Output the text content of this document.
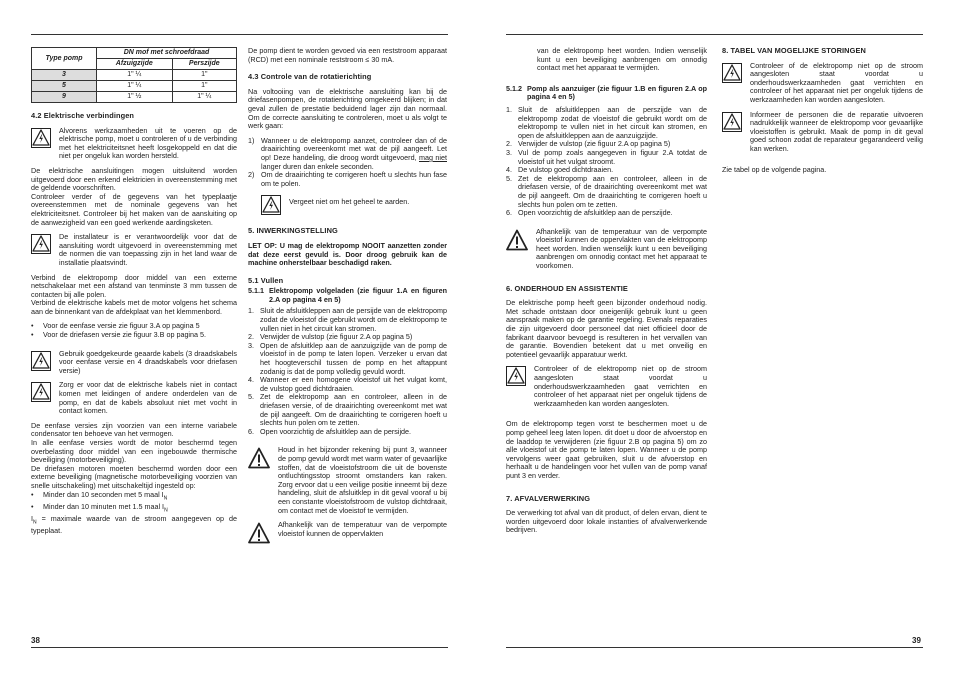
Type pomp	DN mof met schroefdraad	
	Afzuigzijde	Perszijde
3	1" ¼	1"
5	1" ¼	1"
9	1" ½	1" ¼
4.2 Elektrische verbindingen
Alvorens werkzaamheden uit te voeren op de elektrische pomp, moet u controleren of u de verbinding met het elektriciteitsnet heeft losgekoppeld en dat die niet per ongeluk kan worden hersteld.

De elektrische aansluitingen mogen uitsluitend worden uitgevoerd door een erkend elektricien in overeenstemming met de geldende voorschriften.

Controleer verder of de gegevens van het typeplaatje overeenstemmen met de nominale gegevens van het elektriciteitsnet. Controleer bij het maken van de aansluiting op de aanwezigheid van een goed werkende aardingsketen.

De installateur is er verantwoordelijk voor dat de aansluiting wordt uitgevoerd in overeenstemming met de normen die van toepassing zijn in het land waar de installatie plaatsvindt.

Verbind de elektropomp door middel van een externe netschakelaar met een afstand van tenminste 3 mm tussen de contacten bij alle polen.

Verbind de elektrische kabels met de motor volgens het schema aan de binnenkant van de afdekplaat van het klemmenbord.

•	Voor de eenfase versie zie figuur 3.A op pagina 5
•	Voor de driefasen versie zie figuur 3.B op pagina 5.
Gebruik goedgekeurde geaarde kabels (3 draadskabels voor eenfase versie en 4 draadskabels voor driefasen versie)
Zorg er voor dat de elektrische kabels niet in contact komen met leidingen of andere onderdelen van de pomp, en dat de kabels absoluut niet met vocht in contact komen.

De eenfase versies zijn voorzien van een interne variabele condensator ten behoeve van het vermogen.

In alle eenfase versies wordt de motor beschermd tegen overbelasting door middel van een ingebouwde thermische beveiliging (motorbeveiliging).

De driefasen motoren moeten beschermd worden door een externe beveiliging (magnetische motorbeveiliging voorzien van snelle uitschakeling) met uitschakeltijd ingesteld op:

•	Minder dan 10 seconden met 5 maal $I_N$
•	Minder dan 10 minuten met 1.5 maal $I_N$

$I_N$ = maximale waarde van de stroom aangegeven op de typeplaat.

De pomp dient te worden gevoed via een reststroom apparaat (RCD) met een nominale reststroom ≤ 30 mA.

4.3 Controle van de rotatierichting

Na voltooiing van de elektrische aansluiting kan bij de driefasenpompen, de rotatierichting omgekeerd blijken; in dat geval zullen de prestatie beduidend lager zijn dan normaal. Om de correcte aansluiting te controleren, moet u als volgt te werk gaan:

1) Wanneer u de elektropomp aanzet, controleer dan of de draairichting overeenkomt met wat de pijl aangeeft. Let op! Deze handeling, die droog wordt uitgevoerd, mag niet langer duren dan enkele seconden.
2) Om de draairichting te corrigeren hoeft u slechts hun fase om te polen.
Vergeet niet om het geheel te aarden.
5. INWERKINGSTELLING

LET OP: U mag de elektropomp NOOIT aanzetten zonder dat deze eerst gevuld is. Door droog gebruik kan de machine onherstelbaar beschadigd raken.

5.1 Vullen
5.1.1 Elektropomp volgeladen (zie figuur 1.A en figuren 2.A op pagina 4 en 5)
1. Sluit de afsluitkleppen aan de persijde van de elektropomp zodat de vloeistof die gebruikt wordt om de elektropomp te vullen niet in het circuit kan stromen.
2. Verwijder de vulstop (zie figuur 2.A op pagina 5)
3. Open de afsluitklep aan de aanzuigzijde van de pomp de vloeistof in de pomp te laten lopen. Verzeker u ervan dat het hoogteverschil tussen de pomp en het aftappunt zodanig is dat de pomp volledig gevuld wordt.
4. Wanneer er een homogene vloeistof uit het vulgat komt, de vulstop goed dichtdraaien.
5. Zet de elektropomp aan en controleer, alleen in de driefasen versie, of de draairichting overeenkomt met wat de pijl aangeeft. Om de draairichting te corrigeren hoeft u slechts hun polen om te zetten.
6. Open voorzichtig de afsluitklep aan de persijde.
Houd in het bijzonder rekening bij punt 3, wanneer de pomp gevuld wordt met warm water of gevaarlijke stoffen, dat de vloeistofstroom die uit de bovenste ontluchtingsstop stroomt omstanders kan raken. Zorg ervoor dat u een veilige positie inneemt bij deze handeling, sluit de afsluitklep in dit geval vooraf u bij een constante vloeistofstroom de vulstop dichtdraait, om contact met de vloeistof te vermijden.
Afhankelijk van de temperatuur van de verpompte vloeistof kunnen de oppervlakten
38

van de elektropomp heet worden. Indien wenselijk kunt u een beveiliging aanbrengen om onnodig contact met het apparaat te vermijden.

5.1.2 Pomp als aanzuiger (zie figuur 1.B en figuren 2.A op pagina 4 en 5)
1. Sluit de afsluitkleppen aan de perszijde van de elektropomp zodat de vloeistof die gebruikt wordt om de elektropomp te vullen niet in het circuit kan stromen, en open de afsluitkleppen aan de aanzuigzijde.
2. Verwijder de vulstop (zie figuur 2.A op pagina 5)
3. Vul de pomp zoals aangegeven in figuur 2.A totdat de vloeistof uit het vulgat stroomt.
4. De vulstop goed dichtdraaien.
5. Zet de elektropomp aan en controleer, alleen in de driefasen versie, of de draairichting overeenkomt met wat de pijl aangeeft. Om de draairichting te corrigeren hoeft u slechts hun polen om te zetten.
6. Open voorzichtig de afsluitklep aan de perszijde.
Afhankelijk van de temperatuur van de verpompte vloeistof kunnen de oppervlakten van de elektropomp heet worden. Indien wenselijk kunt u een beveiliging aanbrengen om onnodig contact met het apparaat te voorkomen.
6. ONDERHOUD EN ASSISTENTIE

De elektrische pomp heeft geen bijzonder onderhoud nodig. Met schade ontstaan door oneigenlijk gebruik kunt u geen aanspraak maken op de garantie regeling. Evenals reparaties die zijn uitgevoerd door personeel dat niet officieel door de fabrikant daarvoor bevoegd is resulteren in het vervallen van de garantie. Bovendien betekent dat u met onveilig en potentieel gevaarlijk apparatuur werkt.

Controleer of de elektropomp niet op de stroom aangesloten staat voordat u onderhoudswerkzaamheden gaat verrichten en controleer of het apparaat niet per ongeluk tijdens de werkzaamheden kan worden aangesloten.

Om de elektropomp tegen vorst te beschermen moet u de pomp geheel leeg laten lopen. dit doet u door de afvoerstop en de laaddop te verwijderen (zie figuur 2.B op pagina 5) om zo alle vloeistof uit de pomp te laten lopen. Wanneer u de pomp vervolgens weer gaat gebruiken, sluit u de afvoerstop en herhaalt u de handelingen voor het vullen van de pomp vanaf punt 3 en verder.

7. AFVALVERWERKING

De verwerking tot afval van dit product, of delen ervan, dient te worden uitgevoerd door lokale instanties of afvalverwerkende bedrijven.

8. TABEL VAN MOGELIJKE STORINGEN
Controleer of de elektropomp niet op de stroom aangesloten staat voordat u onderhoudswerkzaamheden gaat verrichten en controleer of het apparaat niet per ongeluk tijdens de werkzaamheden kan worden aangesloten.
Informeer de personen die de reparatie uitvoeren nadrukkelijk wanneer de elektropomp voor gevaarlijke vloeistoffen is gebruikt. Maak de pomp in dit geval goed schoon zodat de reparateur gegarandeerd veilig kan werken.

Zie tabel op de volgende pagina.

39
